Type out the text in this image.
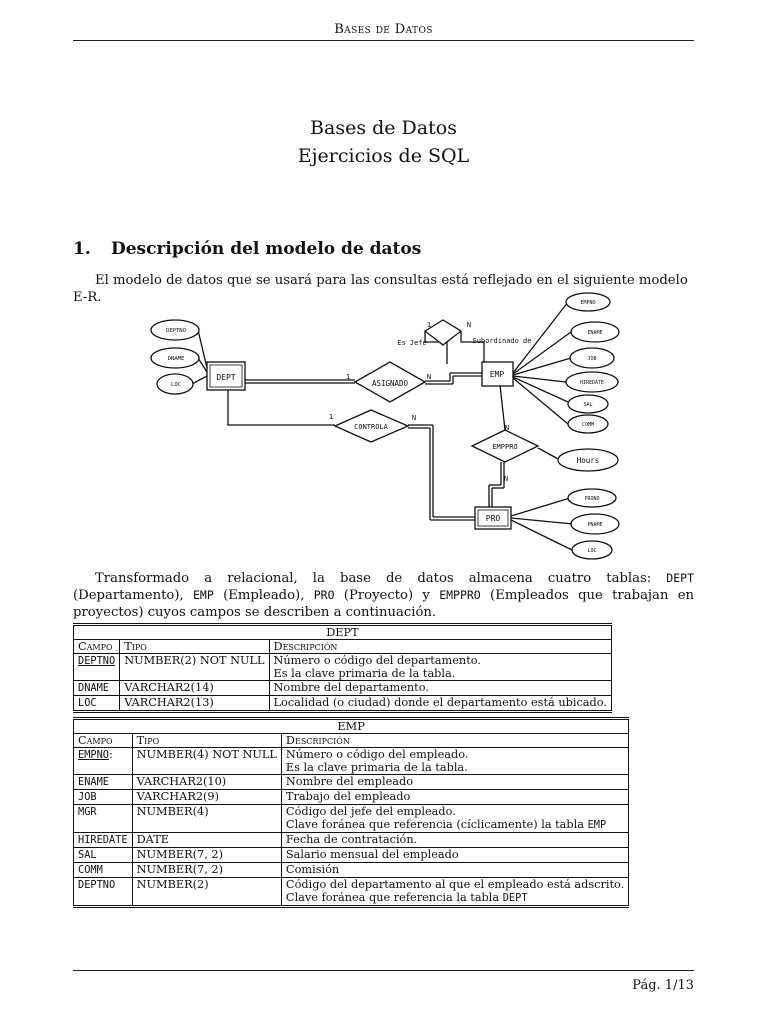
Bases de Datos
Bases de Datos
Ejercicios de SQL
1. Descripción del modelo de datos
El modelo de datos que se usará para las consultas está reflejado en el siguiente modelo E-R.
DEPT	EMP
PRO
ASIGNADO
CONTROLA
EMPPRO
DEPTNO
DNAME
LOC
EMPNO
ENAME
JOB
HIREDATE
SAL
COMM
Hours
PRONO
PNAME
LOC
Es Jefe	Subordinado de
1	N
1	N
1	N
N
N
Transformado a relacional, la base de datos almacena cuatro tablas: DEPT (Departamento), EMP (Empleado), PRO (Proyecto) y EMPPRO (Empleados que trabajan en proyectos) cuyos campos se describen a continuación.
DEPT		
Campo	Tipo	Descripción
DEPTNO	NUMBER(2) NOT NULL	Número o código del departamento.
Es la clave primaria de la tabla.
DNAME	VARCHAR2(14)	Nombre del departamento.
LOC	VARCHAR2(13)	Localidad (o ciudad) donde el departamento está ubicado.
EMP		
Campo	Tipo	Descripción
EMPNO:	NUMBER(4) NOT NULL	Número o código del empleado.
Es la clave primaria de la tabla.
ENAME	VARCHAR2(10)	Nombre del empleado
JOB	VARCHAR2(9)	Trabajo del empleado
MGR	NUMBER(4)	Código del jefe del empleado.
Clave foránea que referencia (cíclicamente) la tabla EMP
HIREDATE	DATE	Fecha de contratación.
SAL	NUMBER(7, 2)	Salario mensual del empleado
COMM	NUMBER(7, 2)	Comisión
DEPTNO	NUMBER(2)	Código del departamento al que el empleado está adscrito.
Clave foránea que referencia la tabla DEPT
Pág. 1/13
